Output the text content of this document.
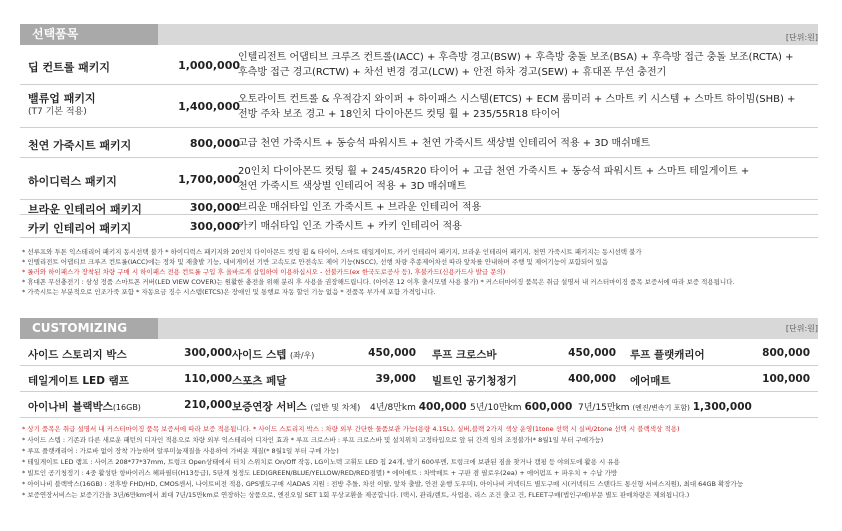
선택품목	[단위:원]
딥 컨트롤 패키지	1,000,000
인텔리전트 어댑티브 크루즈 컨트롤(IACC) + 후측방 경고(BSW) + 후측방 충돌 보조(BSA) + 후측방 접근 충돌 보조(RCTA) +
후측방 접근 경고(RCTW) + 차선 변경 경고(LCW) + 안전 하차 경고(SEW) + 휴대폰 무선 충전기
밸류업 패키지
(T7 기본 적용)	1,400,000
오토라이트 컨트롤 & 우적감지 와이퍼 + 하이패스 시스템(ETCS) + ECM 룸미러 + 스마트 키 시스템 + 스마트 하이빔(SHB) +
전방 주차 보조 경고 + 18인치 다이아몬드 컷팅 휠 + 235/55R18 타이어
천연 가죽시트 패키지	800,000
고급 천연 가죽시트 + 동승석 파워시트 + 천연 가죽시트 색상별 인테리어 적용 + 3D 매쉬매트
하이디럭스 패키지	1,700,000
20인치 다이아몬드 컷팅 휠 + 245/45R20 타이어 + 고급 천연 가죽시트 + 동승석 파워시트 + 스마트 테일게이트 +
천연 가죽시트 색상별 인테리어 적용 + 3D 매쉬매트
브라운 인테리어 패키지	300,000
브리운 매쉬타입 인조 가죽시트 + 브라운 인테리어 적용
카키 인테리어 패키지	300,000
카키 매쉬타입 인조 가죽시트 + 카키 인테리어 적용
* 선루프와 투톤 익스테리어 패키지 동시선택 불가 * 하이디럭스 패키지와 20인치 다이아몬드 컷팅 휠 & 타이어, 스마트 테일게이트, 카키 인테리어 패키지, 브라운 인테리어 패키지, 천연 가죽시트 패키지는 동시선택 불가
* 인텔리전트 어댑티브 크루즈 컨트롤(IACC)에는 정차 및 재출발 기능, 내비게이션 기반 고속도로 안전속도 제어 기능(NSCC), 선행 차량 추종제어차선 따라 앞차를 안내하며 주행 및 제어기능이 포함되어 있음
* 롤러와 하이패스가 장착된 차량 구매 시 하이패스 전용 컨트롤 구입 후 올바르게 삽입하여 이용하십시오 - 선불카드(ex 한국도로공사 등), 후불카드(신용카드사 발급 문의)
* 휴대폰 무선충전기 : 삼성 정품 스마트폰 커버(LED VIEW COVER)는 원활한 충전을 위해 분리 후 사용을 권장해드립니다. (아이폰 12 이후 출시모델 사용 불가) * 커스터마이징 품목은 취급 설명서 내 커스터마이징 품목 보증서에 따라 보증 적용됩니다.
* 가죽시트는 부분적으로 인조가죽 포함 * 자동요금 징수 시스템(ETCS)은 장애인 및 통행료 자동 할인 기능 없음 * 전품목 부가세 포함 가격입니다.
CUSTOMIZING	[단위:원]
사이드 스토리지 박스	300,000 사이드 스텝 (좌/우)	450,000 루프 크로스바	450,000 루프 플랫캐리어	800,000
테일게이트 LED 램프	110,000 스포츠 페달	39,000 빌트인 공기청정기	400,000 에어매트	100,000
아이나비 블랙박스(16GB)	210,000 보증연장 서비스 (일반 및 차체) 4년/8만km 400,000 5년/10만km 600,000 7년/15만km (엔진/변속기 포함) 1,300,000
* 상기 품목은 취급 설명서 내 커스터마이징 품목 보증서에 따라 보증 적용됩니다. * 사이드 스토리지 박스 : 차량 외부 간단한 물품보관 가능(용량 4.15L), 실버,블랙 2가지 색상 운영(1tone 선택 시 실버/2tone 선택 시 블랙색상 적용)
* 사이드 스텝 : 기존과 다른 새로운 패턴의 디자인 적용으로 차량 외부 익스테리어 디자인 효과 * 루프 크로스바 : 루프 크로스바 및 설치위치 고정타입으로 앞 뒤 간격 임의 조정불가(* 8월1일 부터 구매가능)
* 루프 플랫캐리어 : 가로바 없이 장착 가능하며 알루미늄재질을 사용하여 가벼운 재질(* 8월1일 부터 구매 가능)
* 테일게이트 LED 램프 : 사이즈 208*77*37mm, 트렁크 Open상태에서 터치 스위치로 On/Off 작동, LG이노텍 고휘도 LED 칩 24개, 발기 600루멘, 트렁크에 보관된 짐을 찾거나 캠핑 등 야외도에 활용 시 유용
* 빌트인 공기청정기 : 4중 활성탄 항바이러스 헤파필터(H13등급), 5단계 청정도 LED(GREEN/BLUE/YELLOW/RED/RED점멸) * 에어매트 : 차박매트 + 구판 겸 필로우(2ea) + 에어펌프 + 파우치 + 수납 가방
* 아이나비 블랙박스(16GB) : 전후방 FHD/HD, CMOS센서, 나이트비전 적용, GPS별도구매 시ADAS 지원 : 전방 추돌, 차선 이탈, 앞차 출발, 안전 운행 도우미), 아이나비 커넥티드 별도구매 시(커넥티드 스탠다드 통신형 서비스지원), 최대 64GB 확장가능
* 보증연장서비스는 보증기간을 3년/6만km에서 최대 7년/15만km로 연장하는 상품으로, 엔진오일 SET 1회 무상교환을 제공합니다. (택시, 관리/렌트, 사업용, 리스 조건 출고 건, FLEET구매(법인구매)부문 별도 판매차량은 제외됩니다.)
